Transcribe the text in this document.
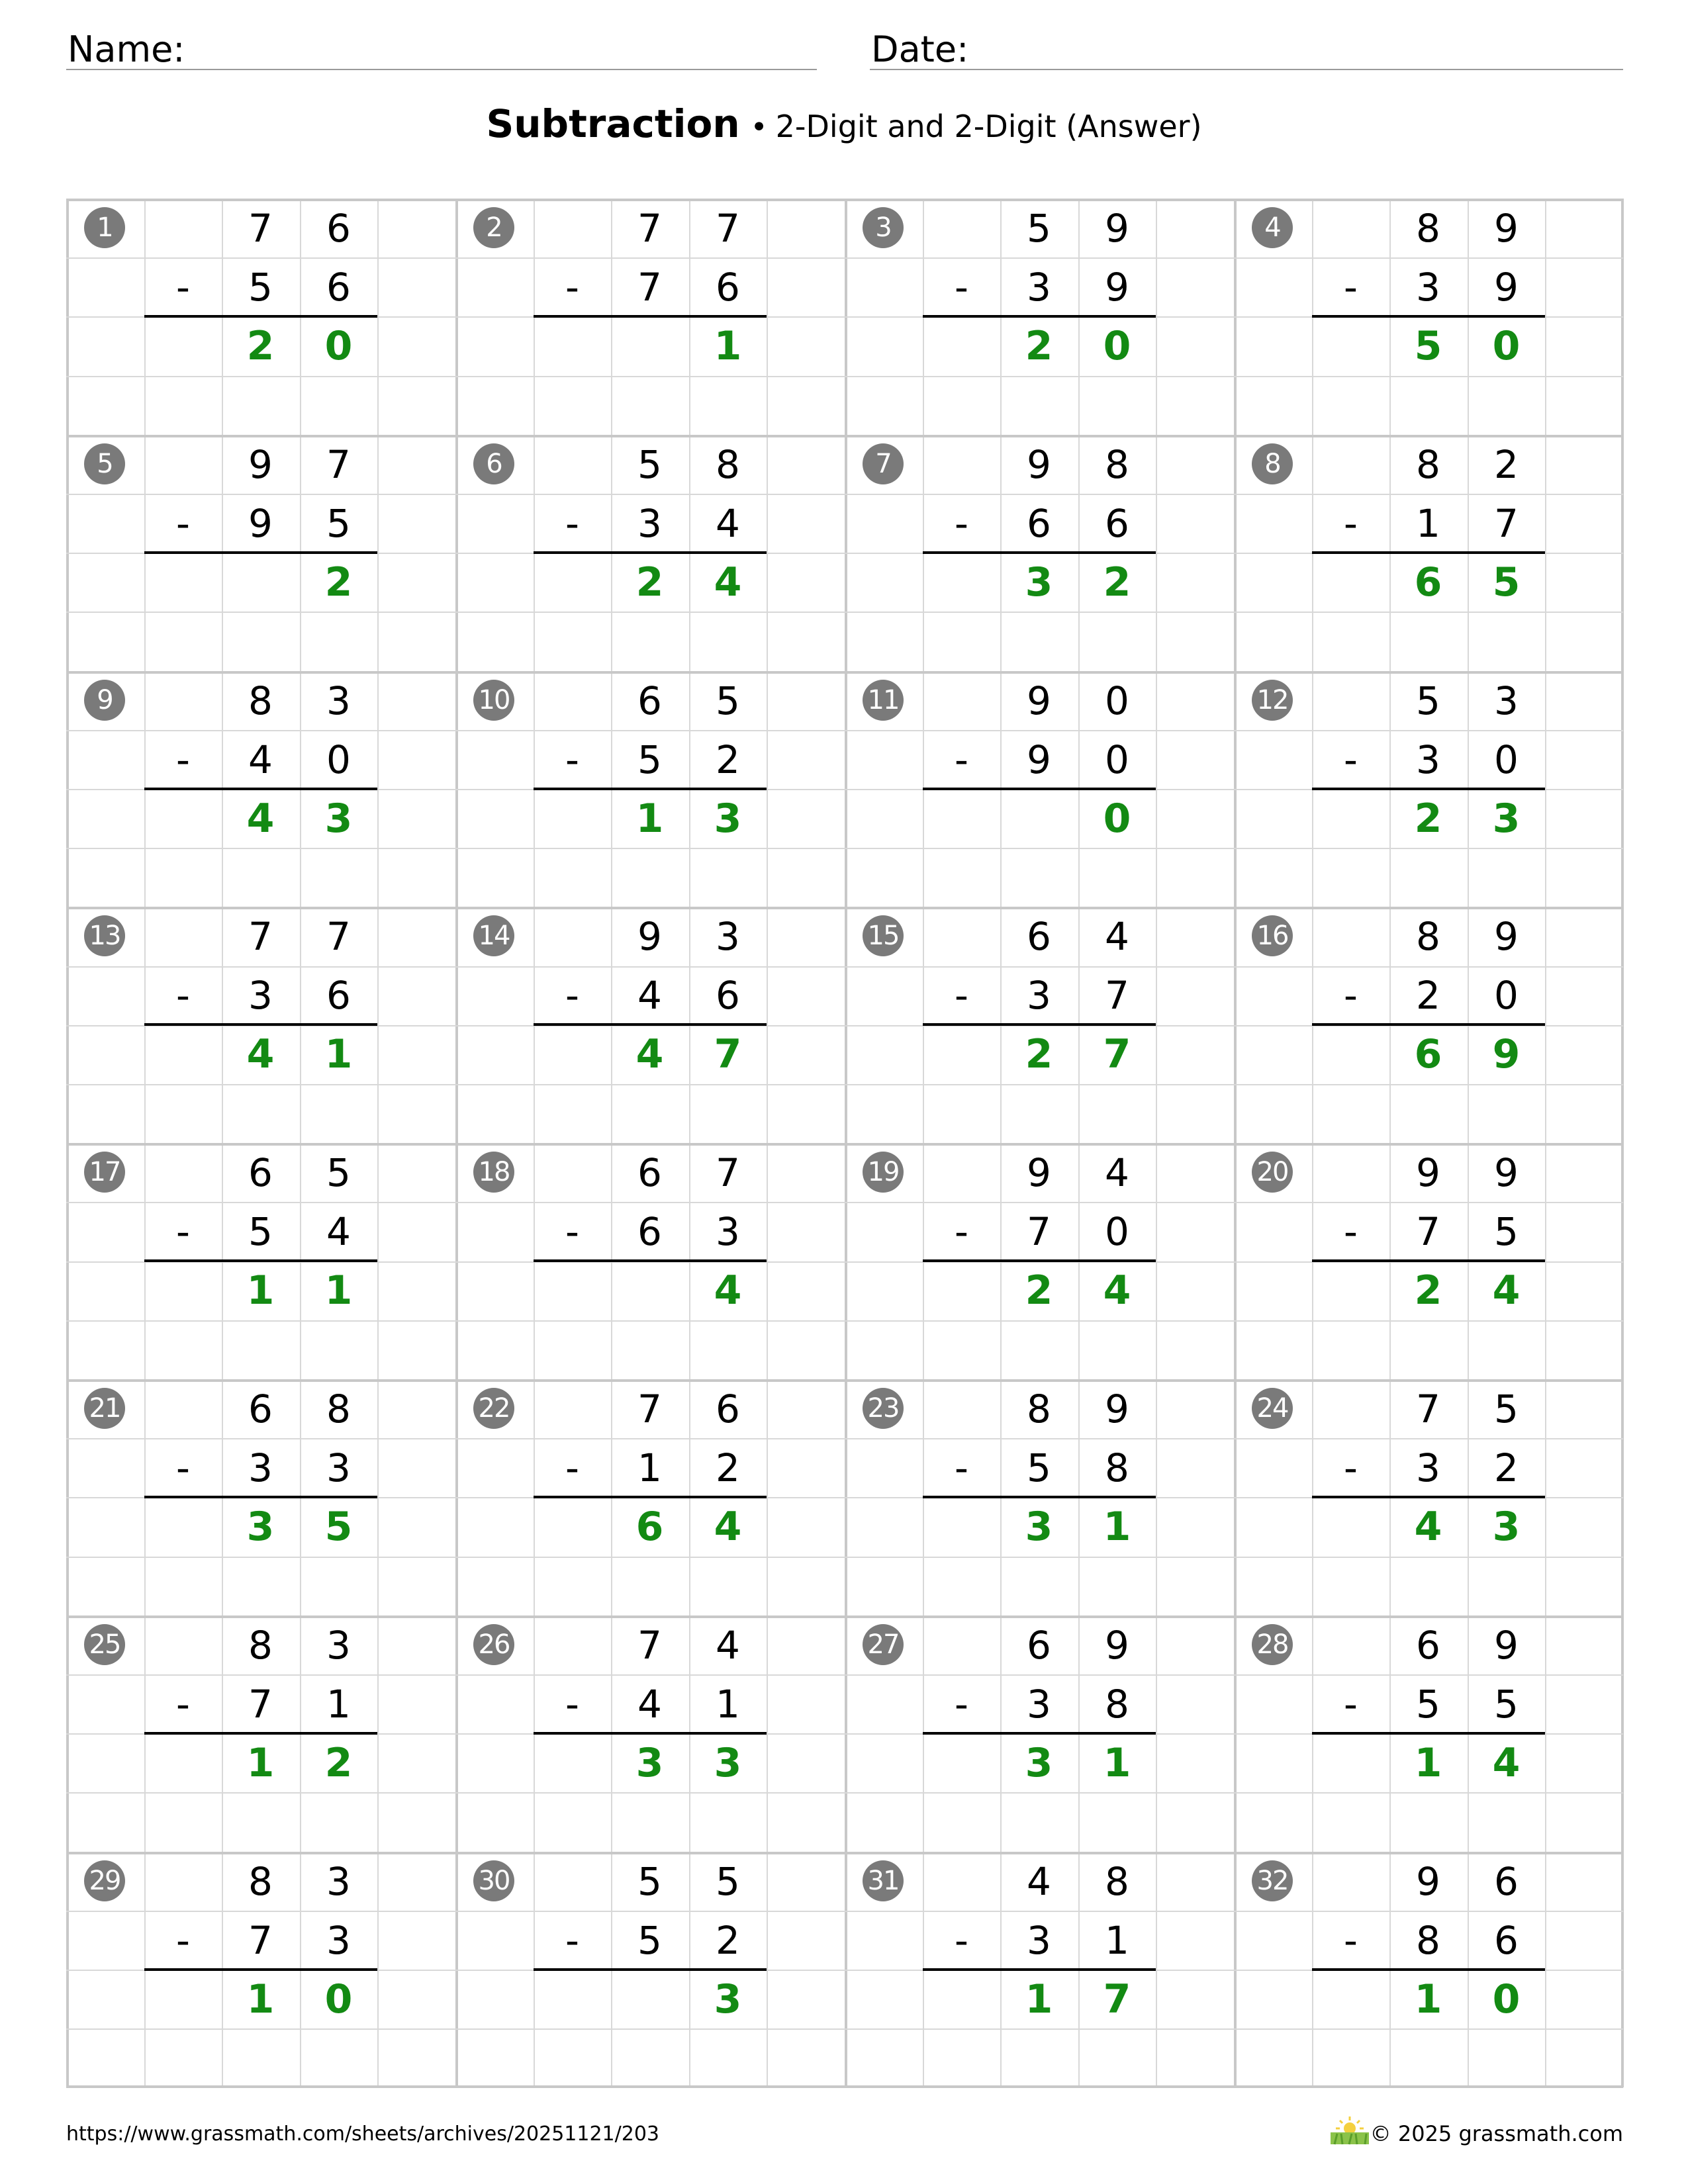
Name:	Date:
Subtraction • 2-Digit and 2-Digit (Answer)
1	7	6
-	5	6
2	0
2	7	7
-	7	6
1
3	5	9
-	3	9
2	0
4	8	9
-	3	9
5	0
5	9	7
-	9	5
2
6	5	8
-	3	4
2	4
7	9	8
-	6	6
3	2
8	8	2
-	1	7
6	5
9	8	3
-	4	0
4	3
10	6	5
-	5	2
1	3
11	9	0
-	9	0
0
12	5	3
-	3	0
2	3
13	7	7
-	3	6
4	1
14	9	3
-	4	6
4	7
15	6	4
-	3	7
2	7
16	8	9
-	2	0
6	9
17	6	5
-	5	4
1	1
18	6	7
-	6	3
4
19	9	4
-	7	0
2	4
20	9	9
-	7	5
2	4
21	6	8
-	3	3
3	5
22	7	6
-	1	2
6	4
23	8	9
-	5	8
3	1
24	7	5
-	3	2
4	3
25	8	3
-	7	1
1	2
26	7	4
-	4	1
3	3
27	6	9
-	3	8
3	1
28	6	9
-	5	5
1	4
29	8	3
-	7	3
1	0
30	5	5
-	5	2
3
31	4	8
-	3	1
1	7
32	9	6
-	8	6
1	0
https://www.grassmath.com/sheets/archives/20251121/203	© 2025 grassmath.com
